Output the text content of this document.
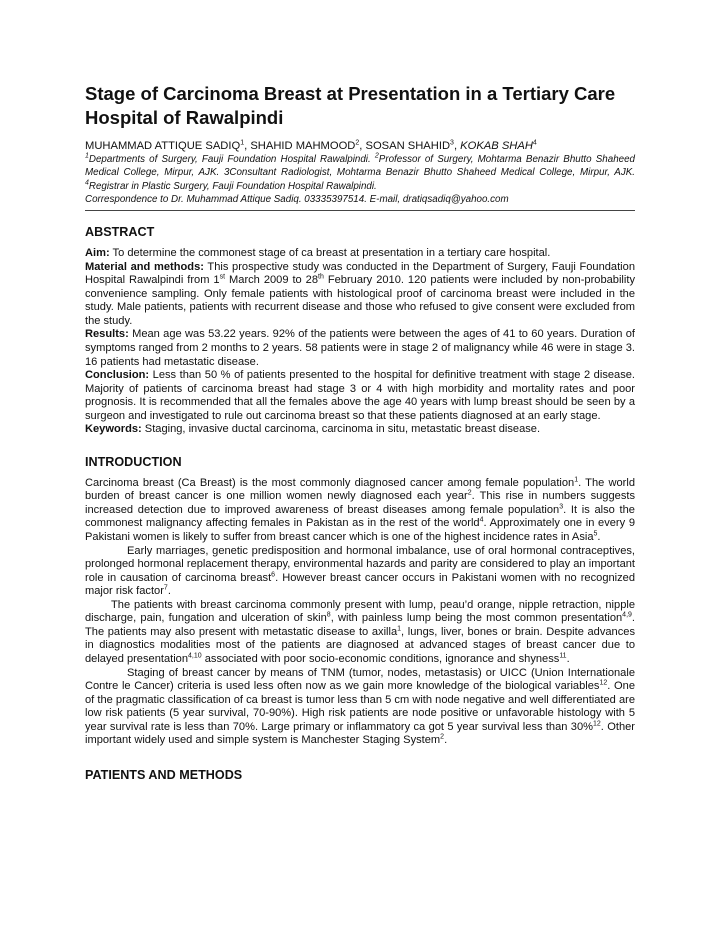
Stage of Carcinoma Breast at Presentation in a Tertiary Care Hospital of Rawalpindi

MUHAMMAD ATTIQUE SADIQ$^1$, SHAHID MAHMOOD$^2$, SOSAN SHAHID$^3$, KOKAB SHAH$^4$

$^1$Departments of Surgery, Fauji Foundation Hospital Rawalpindi. $^2$Professor of Surgery, Mohtarma Benazir Bhutto Shaheed Medical College, Mirpur, AJK. 3Consultant Radiologist, Mohtarma Benazir Bhutto Shaheed Medical College, Mirpur, AJK. $^4$Registrar in Plastic Surgery, Fauji Foundation Hospital Rawalpindi.

Correspondence to Dr. Muhammad Attique Sadiq. 03335397514. E-mail, dratiqsadiq@yahoo.com

ABSTRACT

Aim: To determine the commonest stage of ca breast at presentation in a tertiary care hospital.

Material and methods: This prospective study was conducted in the Department of Surgery, Fauji Foundation Hospital Rawalpindi from 1st March 2009 to 28th February 2010. 120 patients were included by non-probability convenience sampling. Only female patients with histological proof of carcinoma breast were included in the study. Male patients, patients with recurrent disease and those who refused to give consent were excluded from the study.

Results: Mean age was 53.22 years. 92% of the patients were between the ages of 41 to 60 years. Duration of symptoms ranged from 2 months to 2 years. 58 patients were in stage 2 of malignancy while 46 were in stage 3. 16 patients had metastatic disease.

Conclusion: Less than 50 % of patients presented to the hospital for definitive treatment with stage 2 disease. Majority of patients of carcinoma breast had stage 3 or 4 with high morbidity and mortality rates and poor prognosis. It is recommended that all the females above the age 40 years with lump breast should be seen by a surgeon and investigated to rule out carcinoma breast so that these patients diagnosed at an early stage.

Keywords: Staging, invasive ductal carcinoma, carcinoma in situ, metastatic breast disease.

INTRODUCTION

Carcinoma breast (Ca Breast) is the most commonly diagnosed cancer among female population$^1$. The world burden of breast cancer is one million women newly diagnosed each year$^2$. This rise in numbers suggests increased detection due to improved awareness of breast diseases among female population$^3$. It is also the commonest malignancy affecting females in Pakistan as in the rest of the world$^4$. Approximately one in every 9 Pakistani women is likely to suffer from breast cancer which is one of the highest incidence rates in Asia$^5$.

Early marriages, genetic predisposition and hormonal imbalance, use of oral hormonal contraceptives, prolonged hormonal replacement therapy, environmental hazards and parity are considered to play an important role in causation of carcinoma breast$^6$. However breast cancer occurs in Pakistani women with no recognized major risk factor$^7$.

The patients with breast carcinoma commonly present with lump, peau’d orange, nipple retraction, nipple discharge, pain, fungation and ulceration of skin$^8$, with painless lump being the most common presentation$^{4,9}$. The patients may also present with metastatic disease to axilla$^1$, lungs, liver, bones or brain. Despite advances in diagnostics modalities most of the patients are diagnosed at advanced stages of breast cancer due to delayed presentation$^{4,10}$ associated with poor socio-economic conditions, ignorance and shyness$^{11}$.

Staging of breast cancer by means of TNM (tumor, nodes, metastasis) or UICC (Union Internationale Contre le Cancer) criteria is used less often now as we gain more knowledge of the biological variables$^{12}$. One of the pragmatic classification of ca breast is tumor less than 5 cm with node negative and well differentiated are low risk patients (5 year survival, 70-90%). High risk patients are node positive or unfavorable histology with 5 year survival rate is less than 70%. Large primary or inflammatory ca got 5 year survival less than 30%$^{12}$. Other important widely used and simple system is Manchester Staging System$^2$.

PATIENTS AND METHODS
